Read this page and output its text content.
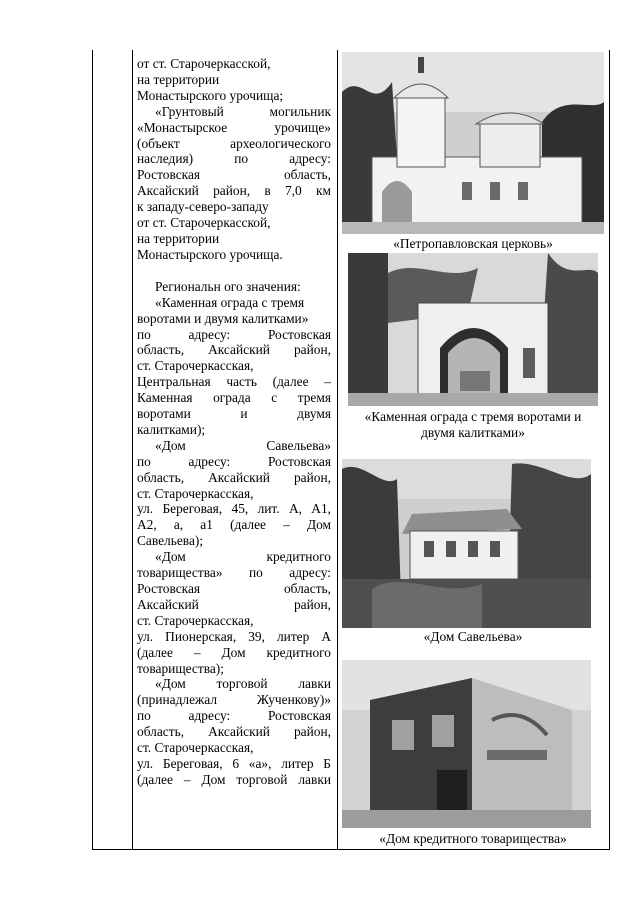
от ст. Старочеркасской,
на территории
Монастырского урочища;
«Грунтовый могильник
«Монастырское урочище»
(объект археологического
наследия) по адресу:
Ростовская область,
Аксайский район, в 7,0 км
к западу-северо-западу
от ст. Старочеркасской,
на территории
Монастырского урочища.
Региональн ого значения:
«Каменная ограда с тремя
воротами и двумя калитками»
по адресу: Ростовская
область, Аксайский район,
ст. Старочеркасская,
Центральная часть (далее –
Каменная ограда с тремя
воротами и двумя
калитками);
«Дом Савельева»
по адресу: Ростовская
область, Аксайский район,
ст. Старочеркасская,
ул. Береговая, 45, лит. А, А1,
А2, а, а1 (далее – Дом
Савельева);
«Дом кредитного
товарищества» по адресу:
Ростовская область,
Аксайский район,
ст. Старочеркасская,
ул. Пионерская, 39, литер А
(далее – Дом кредитного
товарищества);
«Дом торговой лавки
(принадлежал Жученкову)»
по адресу: Ростовская
область, Аксайский район,
ст. Старочеркасская,
ул. Береговая, 6 «а», литер Б
(далее – Дом торговой лавки
«Петропавловская церковь»
«Каменная ограда с тремя воротами и
двумя калитками»
«Дом Савельева»
«Дом кредитного товарищества»
